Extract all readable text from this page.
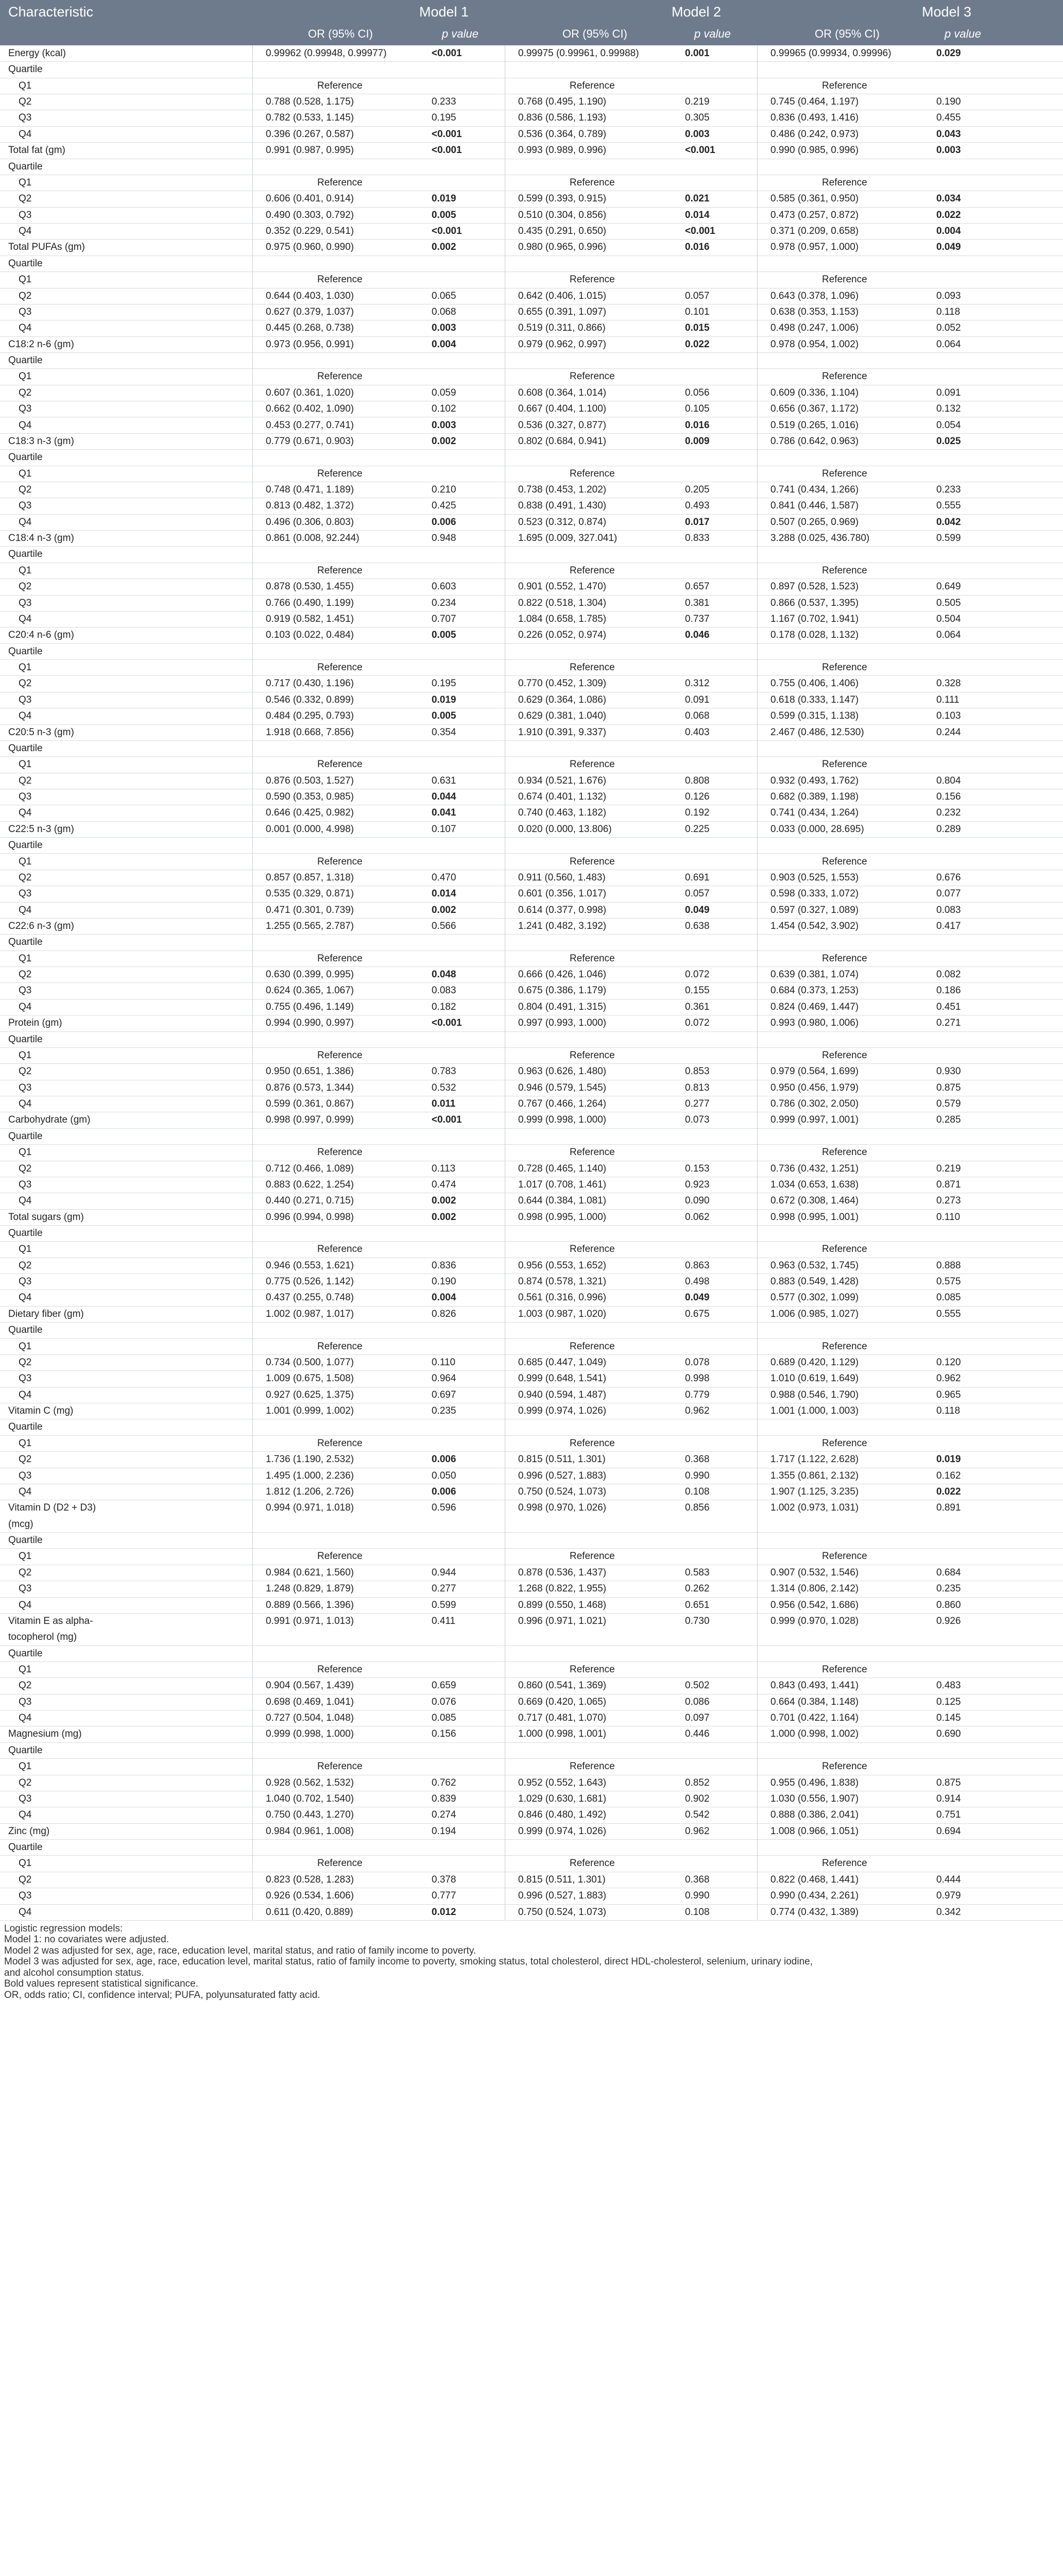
Characteristic	Model 1	Model 2	Model 3
OR (95% CI)	p value	OR (95% CI)	p value	OR (95% CI)	p value
Energy (kcal)	0.99962 (0.99948, 0.99977)	<0.001	0.99975 (0.99961, 0.99988)	0.001	0.99965 (0.99934, 0.99996)	0.029
Quartile
Q1	Reference	Reference	Reference
Q2	0.788 (0.528, 1.175)	0.233	0.768 (0.495, 1.190)	0.219	0.745 (0.464, 1.197)	0.190
Q3	0.782 (0.533, 1.145)	0.195	0.836 (0.586, 1.193)	0.305	0.836 (0.493, 1.416)	0.455
Q4	0.396 (0.267, 0.587)	<0.001	0.536 (0.364, 0.789)	0.003	0.486 (0.242, 0.973)	0.043
Total fat (gm)	0.991 (0.987, 0.995)	<0.001	0.993 (0.989, 0.996)	<0.001	0.990 (0.985, 0.996)	0.003
Quartile
Q1	Reference	Reference	Reference
Q2	0.606 (0.401, 0.914)	0.019	0.599 (0.393, 0.915)	0.021	0.585 (0.361, 0.950)	0.034
Q3	0.490 (0.303, 0.792)	0.005	0.510 (0.304, 0.856)	0.014	0.473 (0.257, 0.872)	0.022
Q4	0.352 (0.229, 0.541)	<0.001	0.435 (0.291, 0.650)	<0.001	0.371 (0.209, 0.658)	0.004
Total PUFAs (gm)	0.975 (0.960, 0.990)	0.002	0.980 (0.965, 0.996)	0.016	0.978 (0.957, 1.000)	0.049
Quartile
Q1	Reference	Reference	Reference
Q2	0.644 (0.403, 1.030)	0.065	0.642 (0.406, 1.015)	0.057	0.643 (0.378, 1.096)	0.093
Q3	0.627 (0.379, 1.037)	0.068	0.655 (0.391, 1.097)	0.101	0.638 (0.353, 1.153)	0.118
Q4	0.445 (0.268, 0.738)	0.003	0.519 (0.311, 0.866)	0.015	0.498 (0.247, 1.006)	0.052
C18:2 n-6 (gm)	0.973 (0.956, 0.991)	0.004	0.979 (0.962, 0.997)	0.022	0.978 (0.954, 1.002)	0.064
Quartile
Q1	Reference	Reference	Reference
Q2	0.607 (0.361, 1.020)	0.059	0.608 (0.364, 1.014)	0.056	0.609 (0.336, 1.104)	0.091
Q3	0.662 (0.402, 1.090)	0.102	0.667 (0.404, 1.100)	0.105	0.656 (0.367, 1.172)	0.132
Q4	0.453 (0.277, 0.741)	0.003	0.536 (0.327, 0.877)	0.016	0.519 (0.265, 1.016)	0.054
C18:3 n-3 (gm)	0.779 (0.671, 0.903)	0.002	0.802 (0.684, 0.941)	0.009	0.786 (0.642, 0.963)	0.025
Quartile
Q1	Reference	Reference	Reference
Q2	0.748 (0.471, 1.189)	0.210	0.738 (0.453, 1.202)	0.205	0.741 (0.434, 1.266)	0.233
Q3	0.813 (0.482, 1.372)	0.425	0.838 (0.491, 1.430)	0.493	0.841 (0.446, 1.587)	0.555
Q4	0.496 (0.306, 0.803)	0.006	0.523 (0.312, 0.874)	0.017	0.507 (0.265, 0.969)	0.042
C18:4 n-3 (gm)	0.861 (0.008, 92.244)	0.948	1.695 (0.009, 327.041)	0.833	3.288 (0.025, 436.780)	0.599
Quartile
Q1	Reference	Reference	Reference
Q2	0.878 (0.530, 1.455)	0.603	0.901 (0.552, 1.470)	0.657	0.897 (0.528, 1.523)	0.649
Q3	0.766 (0.490, 1.199)	0.234	0.822 (0.518, 1.304)	0.381	0.866 (0.537, 1.395)	0.505
Q4	0.919 (0.582, 1.451)	0.707	1.084 (0.658, 1.785)	0.737	1.167 (0.702, 1.941)	0.504
C20:4 n-6 (gm)	0.103 (0.022, 0.484)	0.005	0.226 (0.052, 0.974)	0.046	0.178 (0.028, 1.132)	0.064
Quartile
Q1	Reference	Reference	Reference
Q2	0.717 (0.430, 1.196)	0.195	0.770 (0.452, 1.309)	0.312	0.755 (0.406, 1.406)	0.328
Q3	0.546 (0.332, 0.899)	0.019	0.629 (0.364, 1.086)	0.091	0.618 (0.333, 1.147)	0.111
Q4	0.484 (0.295, 0.793)	0.005	0.629 (0.381, 1.040)	0.068	0.599 (0.315, 1.138)	0.103
C20:5 n-3 (gm)	1.918 (0.668, 7.856)	0.354	1.910 (0.391, 9.337)	0.403	2.467 (0.486, 12.530)	0.244
Quartile
Q1	Reference	Reference	Reference
Q2	0.876 (0.503, 1.527)	0.631	0.934 (0.521, 1.676)	0.808	0.932 (0.493, 1.762)	0.804
Q3	0.590 (0.353, 0.985)	0.044	0.674 (0.401, 1.132)	0.126	0.682 (0.389, 1.198)	0.156
Q4	0.646 (0.425, 0.982)	0.041	0.740 (0.463, 1.182)	0.192	0.741 (0.434, 1.264)	0.232
C22:5 n-3 (gm)	0.001 (0.000, 4.998)	0.107	0.020 (0.000, 13.806)	0.225	0.033 (0.000, 28.695)	0.289
Quartile
Q1	Reference	Reference	Reference
Q2	0.857 (0.857, 1.318)	0.470	0.911 (0.560, 1.483)	0.691	0.903 (0.525, 1.553)	0.676
Q3	0.535 (0.329, 0.871)	0.014	0.601 (0.356, 1.017)	0.057	0.598 (0.333, 1.072)	0.077
Q4	0.471 (0.301, 0.739)	0.002	0.614 (0.377, 0.998)	0.049	0.597 (0.327, 1.089)	0.083
C22:6 n-3 (gm)	1.255 (0.565, 2.787)	0.566	1.241 (0.482, 3.192)	0.638	1.454 (0.542, 3.902)	0.417
Quartile
Q1	Reference	Reference	Reference
Q2	0.630 (0.399, 0.995)	0.048	0.666 (0.426, 1.046)	0.072	0.639 (0.381, 1.074)	0.082
Q3	0.624 (0.365, 1.067)	0.083	0.675 (0.386, 1.179)	0.155	0.684 (0.373, 1.253)	0.186
Q4	0.755 (0.496, 1.149)	0.182	0.804 (0.491, 1.315)	0.361	0.824 (0.469, 1.447)	0.451
Protein (gm)	0.994 (0.990, 0.997)	<0.001	0.997 (0.993, 1.000)	0.072	0.993 (0.980, 1.006)	0.271
Quartile
Q1	Reference	Reference	Reference
Q2	0.950 (0.651, 1.386)	0.783	0.963 (0.626, 1.480)	0.853	0.979 (0.564, 1.699)	0.930
Q3	0.876 (0.573, 1.344)	0.532	0.946 (0.579, 1.545)	0.813	0.950 (0.456, 1.979)	0.875
Q4	0.599 (0.361, 0.867)	0.011	0.767 (0.466, 1.264)	0.277	0.786 (0.302, 2.050)	0.579
Carbohydrate (gm)	0.998 (0.997, 0.999)	<0.001	0.999 (0.998, 1.000)	0.073	0.999 (0.997, 1.001)	0.285
Quartile
Q1	Reference	Reference	Reference
Q2	0.712 (0.466, 1.089)	0.113	0.728 (0.465, 1.140)	0.153	0.736 (0.432, 1.251)	0.219
Q3	0.883 (0.622, 1.254)	0.474	1.017 (0.708, 1.461)	0.923	1.034 (0.653, 1.638)	0.871
Q4	0.440 (0.271, 0.715)	0.002	0.644 (0.384, 1.081)	0.090	0.672 (0.308, 1.464)	0.273
Total sugars (gm)	0.996 (0.994, 0.998)	0.002	0.998 (0.995, 1.000)	0.062	0.998 (0.995, 1.001)	0.110
Quartile
Q1	Reference	Reference	Reference
Q2	0.946 (0.553, 1.621)	0.836	0.956 (0.553, 1.652)	0.863	0.963 (0.532, 1.745)	0.888
Q3	0.775 (0.526, 1.142)	0.190	0.874 (0.578, 1.321)	0.498	0.883 (0.549, 1.428)	0.575
Q4	0.437 (0.255, 0.748)	0.004	0.561 (0.316, 0.996)	0.049	0.577 (0.302, 1.099)	0.085
Dietary fiber (gm)	1.002 (0.987, 1.017)	0.826	1.003 (0.987, 1.020)	0.675	1.006 (0.985, 1.027)	0.555
Quartile
Q1	Reference	Reference	Reference
Q2	0.734 (0.500, 1.077)	0.110	0.685 (0.447, 1.049)	0.078	0.689 (0.420, 1.129)	0.120
Q3	1.009 (0.675, 1.508)	0.964	0.999 (0.648, 1.541)	0.998	1.010 (0.619, 1.649)	0.962
Q4	0.927 (0.625, 1.375)	0.697	0.940 (0.594, 1.487)	0.779	0.988 (0.546, 1.790)	0.965
Vitamin C (mg)	1.001 (0.999, 1.002)	0.235	0.999 (0.974, 1.026)	0.962	1.001 (1.000, 1.003)	0.118
Quartile
Q1	Reference	Reference	Reference
Q2	1.736 (1.190, 2.532)	0.006	0.815 (0.511, 1.301)	0.368	1.717 (1.122, 2.628)	0.019
Q3	1.495 (1.000, 2.236)	0.050	0.996 (0.527, 1.883)	0.990	1.355 (0.861, 2.132)	0.162
Q4	1.812 (1.206, 2.726)	0.006	0.750 (0.524, 1.073)	0.108	1.907 (1.125, 3.235)	0.022
Vitamin D (D2 + D3)
(mcg)
0.994 (0.971, 1.018)	0.596	0.998 (0.970, 1.026)	0.856	1.002 (0.973, 1.031)	0.891
Quartile
Q1	Reference	Reference	Reference
Q2	0.984 (0.621, 1.560)	0.944	0.878 (0.536, 1.437)	0.583	0.907 (0.532, 1.546)	0.684
Q3	1.248 (0.829, 1.879)	0.277	1.268 (0.822, 1.955)	0.262	1.314 (0.806, 2.142)	0.235
Q4	0.889 (0.566, 1.396)	0.599	0.899 (0.550, 1.468)	0.651	0.956 (0.542, 1.686)	0.860
Vitamin E as alpha-
tocopherol (mg)
0.991 (0.971, 1.013)	0.411	0.996 (0.971, 1.021)	0.730	0.999 (0.970, 1.028)	0.926
Quartile
Q1	Reference	Reference	Reference
Q2	0.904 (0.567, 1.439)	0.659	0.860 (0.541, 1.369)	0.502	0.843 (0.493, 1.441)	0.483
Q3	0.698 (0.469, 1.041)	0.076	0.669 (0.420, 1.065)	0.086	0.664 (0.384, 1.148)	0.125
Q4	0.727 (0.504, 1.048)	0.085	0.717 (0.481, 1.070)	0.097	0.701 (0.422, 1.164)	0.145
Magnesium (mg)	0.999 (0.998, 1.000)	0.156	1.000 (0.998, 1.001)	0.446	1.000 (0.998, 1.002)	0.690
Quartile
Q1	Reference	Reference	Reference
Q2	0.928 (0.562, 1.532)	0.762	0.952 (0.552, 1.643)	0.852	0.955 (0.496, 1.838)	0.875
Q3	1.040 (0.702, 1.540)	0.839	1.029 (0.630, 1.681)	0.902	1.030 (0.556, 1.907)	0.914
Q4	0.750 (0.443, 1.270)	0.274	0.846 (0.480, 1.492)	0.542	0.888 (0.386, 2.041)	0.751
Zinc (mg)	0.984 (0.961, 1.008)	0.194	0.999 (0.974, 1.026)	0.962	1.008 (0.966, 1.051)	0.694
Quartile
Q1	Reference	Reference	Reference
Q2	0.823 (0.528, 1.283)	0.378	0.815 (0.511, 1.301)	0.368	0.822 (0.468, 1.441)	0.444
Q3	0.926 (0.534, 1.606)	0.777	0.996 (0.527, 1.883)	0.990	0.990 (0.434, 2.261)	0.979
Q4	0.611 (0.420, 0.889)	0.012	0.750 (0.524, 1.073)	0.108	0.774 (0.432, 1.389)	0.342
Logistic regression models:
Model 1: no covariates were adjusted.
Model 2 was adjusted for sex, age, race, education level, marital status, and ratio of family income to poverty.
Model 3 was adjusted for sex, age, race, education level, marital status, ratio of family income to poverty, smoking status, total cholesterol, direct HDL-cholesterol, selenium, urinary iodine,
and alcohol consumption status.
Bold values represent statistical significance.
OR, odds ratio; CI, confidence interval; PUFA, polyunsaturated fatty acid.
